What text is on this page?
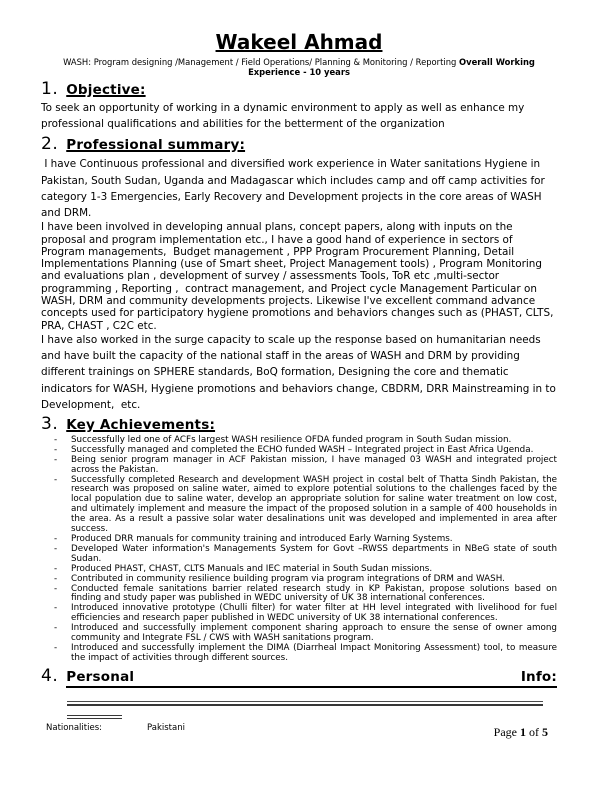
Wakeel Ahmad
WASH: Program designing /Management / Field Operations/ Planning & Monitoring / Reporting Overall Working
Experience - 10 years
1. Objective:
To seek an opportunity of working in a dynamic environment to apply as well as enhance my professional qualifications and abilities for the betterment of the organization
2. Professional summary:
I have Continuous professional and diversified work experience in Water sanitations Hygiene in Pakistan, South Sudan, Uganda and Madagascar which includes camp and off camp activities for category 1-3 Emergencies, Early Recovery and Development projects in the core areas of WASH and DRM.
I have been involved in developing annual plans, concept papers, along with inputs on the proposal and program implementation etc., I have a good hand of experience in sectors of Program managements,  Budget management , PPP Program Procurement Planning, Detail Implementations Planning (use of Smart sheet, Project Management tools) , Program Monitoring and evaluations plan , development of survey / assessments Tools, ToR etc ,multi-sector programming , Reporting ,  contract management, and Project cycle Management Particular on WASH, DRM and community developments projects. Likewise I've excellent command advance concepts used for participatory hygiene promotions and behaviors changes such as (PHAST, CLTS, PRA, CHAST , C2C etc.
I have also worked in the surge capacity to scale up the response based on humanitarian needs and have built the capacity of the national staff in the areas of WASH and DRM by providing different trainings on SPHERE standards, BoQ formation, Designing the core and thematic indicators for WASH, Hygiene promotions and behaviors change, CBDRM, DRR Mainstreaming in to Development,  etc.
3. Key Achievements:
-	Successfully led one of ACFs largest WASH resilience OFDA funded program in South Sudan mission.
-	Successfully managed and completed the ECHO funded WASH – Integrated project in East Africa Ugenda.
-	Being senior program manager in ACF Pakistan mission, I have managed 03 WASH and integrated project across the Pakistan.
-	Successfully completed Research and development WASH project in costal belt of Thatta Sindh Pakistan, the research was proposed on saline water, aimed to explore potential solutions to the challenges faced by the local population due to saline water, develop an appropriate solution for saline water treatment on low cost, and ultimately implement and measure the impact of the proposed solution in a sample of 400 households in the area. As a result a passive solar water desalinations unit was developed and implemented in area after success.
-	Produced DRR manuals for community training and introduced Early Warning Systems.
-	Developed Water information's Managements System for Govt –RWSS departments in NBeG state of south Sudan.
-	Produced PHAST, CHAST, CLTS Manuals and IEC material in South Sudan missions.
-	Contributed in community resilience building program via program integrations of DRM and WASH.
-	Conducted female sanitations barrier related research study in KP Pakistan, propose solutions based on finding and study paper was published in WEDC university of UK 38 international conferences.
-	Introduced innovative prototype (Chulli filter) for water filter at HH level integrated with livelihood for fuel efficiencies and research paper published in WEDC university of UK 38 international conferences.
-	Introduced and successfully implement component sharing approach to ensure the sense of owner among community and Integrate FSL / CWS with WASH sanitations program.
-	Introduced and successfully implement the DIMA (Diarrheal Impact Monitoring Assessment) tool, to measure the impact of activities through different sources.
4. Personal	Info:
Nationalities:	Pakistani	Page 1 of 5
